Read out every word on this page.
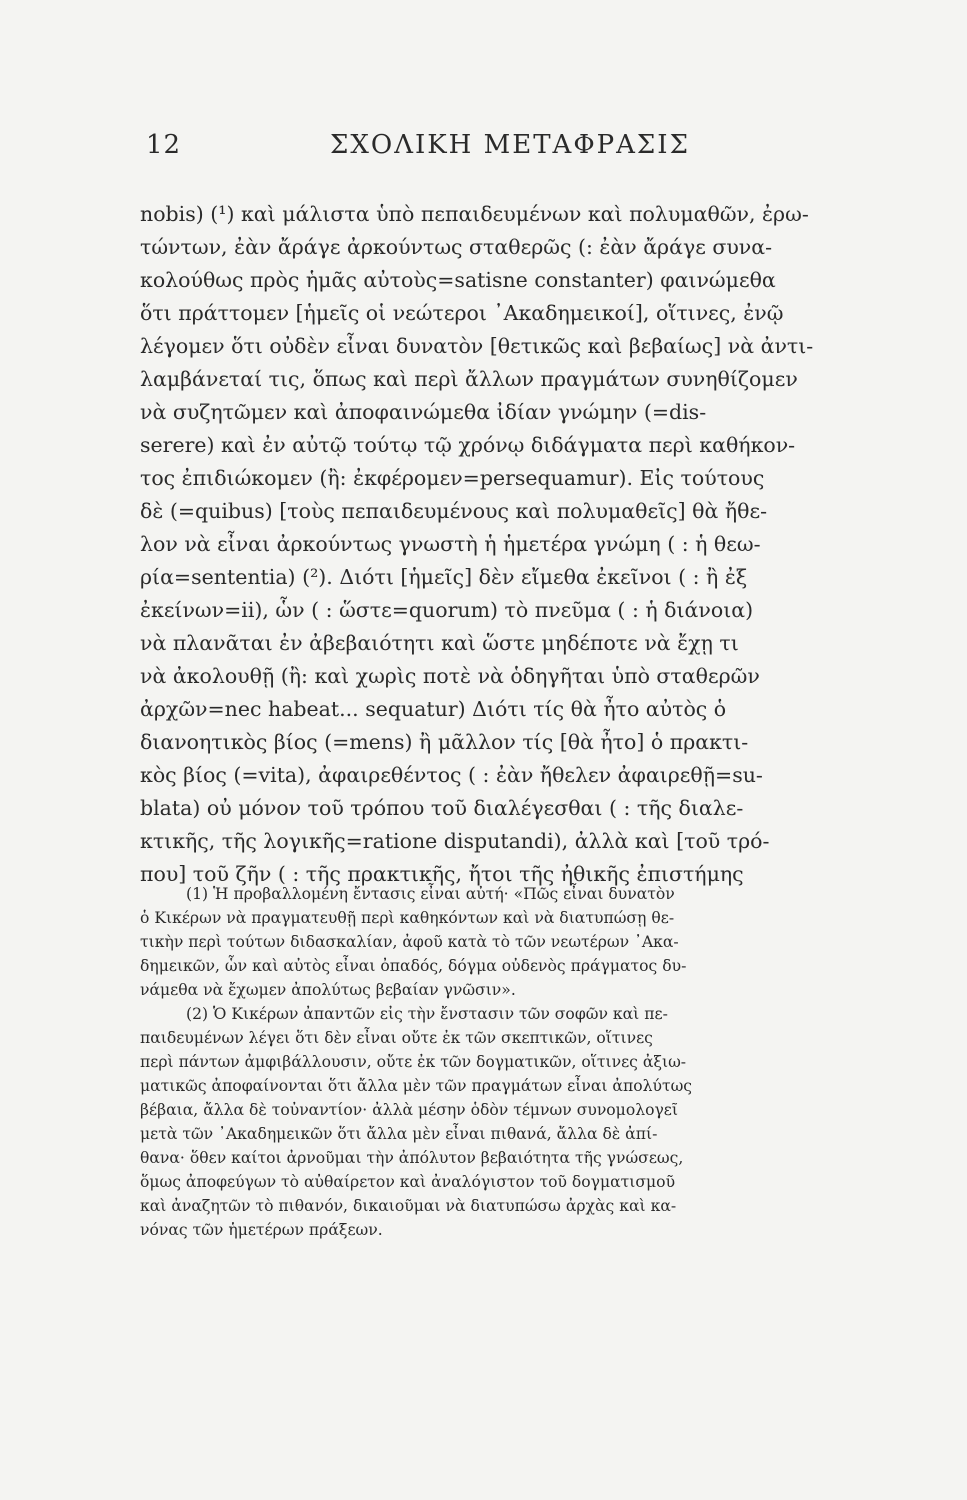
12	ΣΧΟΛΙΚΗ ΜΕΤΑΦΡΑΣΙΣ
nobis) (¹) καὶ μάλιστα ὑπὸ πεπαιδευμένων καὶ πολυμαθῶν, ἐρω-
τώντων, ἐὰν ἄράγε ἀρκούντως σταθερῶς (: ἐὰν ἄράγε συνα-
κολούθως πρὸς ἡμᾶς αὐτοὺς=satisne constanter) φαινώμεθα
ὅτι πράττομεν [ἡμεῖς οἱ νεώτεροι ᾿Ακαδημεικοί], οἵτινες, ἐνῷ
λέγομεν ὅτι οὐδὲν εἶναι δυνατὸν [θετικῶς καὶ βεβαίως] νὰ ἀντι-
λαμβάνεταί τις, ὅπως καὶ περὶ ἄλλων πραγμάτων συνηθίζομεν
νὰ συζητῶμεν καὶ ἀποφαινώμεθα ἰδίαν γνώμην (=dis-
serere) καὶ ἐν αὐτῷ τούτῳ τῷ χρόνῳ διδάγματα περὶ καθήκον-
τος ἐπιδιώκομεν (ἢ: ἐκφέρομεν=persequamur). Εἰς τούτους
δὲ (=quibus) [τοὺς πεπαιδευμένους καὶ πολυμαθεῖς] θὰ ἤθε-
λον νὰ εἶναι ἀρκούντως γνωστὴ ἡ ἡμετέρα γνώμη ( : ἡ θεω-
ρία=sententia) (²). Διότι [ἡμεῖς] δὲν εἴμεθα ἐκεῖνοι ( : ἢ ἐξ
ἐκείνων=ii), ὧν ( : ὥστε=quorum) τὸ πνεῦμα ( : ἡ διάνοια)
νὰ πλανᾶται ἐν ἀβεβαιότητι καὶ ὥστε μηδέποτε νὰ ἔχῃ τι
νὰ ἀκολουθῇ (ἢ: καὶ χωρὶς ποτὲ νὰ ὁδηγῆται ὑπὸ σταθερῶν
ἀρχῶν=nec habeat... sequatur) Διότι τίς θὰ ἦτο αὐτὸς ὁ
διανοητικὸς βίος (=mens) ἢ μᾶλλον τίς [θὰ ἦτο] ὁ πρακτι-
κὸς βίος (=vita), ἀφαιρεθέντος ( : ἐὰν ἤθελεν ἀφαιρεθῇ=su-
blata) οὐ μόνον τοῦ τρόπου τοῦ διαλέγεσθαι ( : τῆς διαλε-
κτικῆς, τῆς λογικῆς=ratione disputandi), ἀλλὰ καὶ [τοῦ τρό-
που] τοῦ ζῆν ( : τῆς πρακτικῆς, ἤτοι τῆς ἠθικῆς ἐπιστήμης
(1) Ἡ προβαλλομένη ἔντασις εἶναι αὐτή· «Πῶς εἶναι δυνατὸν
ὁ Κικέρων νὰ πραγματευθῇ περὶ καθηκόντων καὶ νὰ διατυπώσῃ θε-
τικὴν περὶ τούτων διδασκαλίαν, ἀφοῦ κατὰ τὸ τῶν νεωτέρων ᾿Ακα-
δημεικῶν, ὧν καὶ αὐτὸς εἶναι ὀπαδός, δόγμα οὐδενὸς πράγματος δυ-
νάμεθα νὰ ἔχωμεν ἀπολύτως βεβαίαν γνῶσιν».
(2) Ὁ Κικέρων ἀπαντῶν εἰς τὴν ἔνστασιν τῶν σοφῶν καὶ πε-
παιδευμένων λέγει ὅτι δὲν εἶναι οὔτε ἐκ τῶν σκεπτικῶν, οἵτινες
περὶ πάντων ἀμφιβάλλουσιν, οὔτε ἐκ τῶν δογματικῶν, οἵτινες ἀξιω-
ματικῶς ἀποφαίνονται ὅτι ἄλλα μὲν τῶν πραγμάτων εἶναι ἀπολύτως
βέβαια, ἄλλα δὲ τοὐναντίον· ἀλλὰ μέσην ὁδὸν τέμνων συνομολογεῖ
μετὰ τῶν ᾿Ακαδημεικῶν ὅτι ἄλλα μὲν εἶναι πιθανά, ἄλλα δὲ ἀπί-
θανα· ὅθεν καίτοι ἀρνοῦμαι τὴν ἀπόλυτον βεβαιότητα τῆς γνώσεως,
ὅμως ἀποφεύγων τὸ αὐθαίρετον καὶ ἀναλόγιστον τοῦ δογματισμοῦ
καὶ ἀναζητῶν τὸ πιθανόν, δικαιοῦμαι νὰ διατυπώσω ἀρχὰς καὶ κα-
νόνας τῶν ἡμετέρων πράξεων.
